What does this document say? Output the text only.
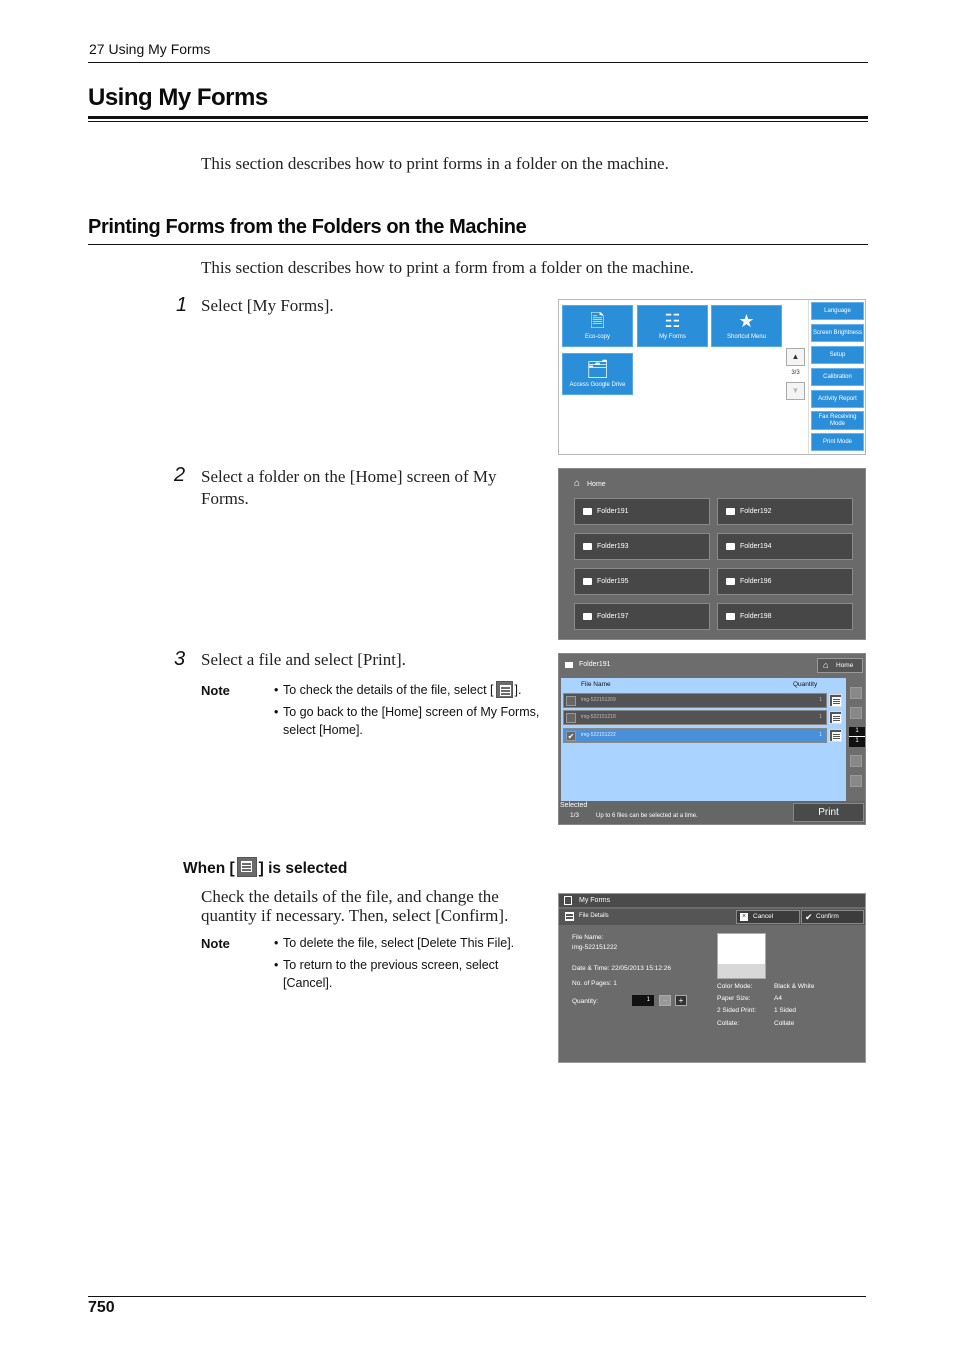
27 Using My Forms
Using My Forms
This section describes how to print forms in a folder on the machine.
Printing Forms from the Folders on the Machine
This section describes how to print a form from a folder on the machine.
1 Select [My Forms].
🗎
Eco-copy
☷
My Forms
★
Shortcut Menu
🗂
Access Google Drive
▲
3/3
▼
Language
Screen Brightness
Setup
Calibration
Activity Report
Fax Receiving Mode
Print Mode
2 Select a folder on the [Home] screen of My Forms.
⌂ Home
Folder191	Folder192
Folder193	Folder194
Folder195	Folder196
Folder197	Folder198
3 Select a file and select [Print].
Note	• To check the details of the file, select [ ].
• To go back to the [Home] screen of My Forms, select [Home].
Folder191	⌂ Home
File Name	Quantity
img-522151209	1
img-522151218	1
✔	img-522151222	1
1
1
Selected
1/3	Up to 6 files can be selected at a time.	Print
When [ ] is selected
Check the details of the file, and change the quantity if necessary. Then, select [Confirm].
Note	• To delete the file, select [Delete This File].
• To return to the previous screen, select [Cancel].
My Forms
File Details	×	Cancel	✔ Confirm
File Name:
img-522151222
Date & Time: 22/05/2013 15:12:26
No. of Pages: 1
Quantity:	1	−	+
Color Mode:	Black & White
Paper Size:	A4
2 Sided Print:	1 Sided
Collate:	Collate
750
